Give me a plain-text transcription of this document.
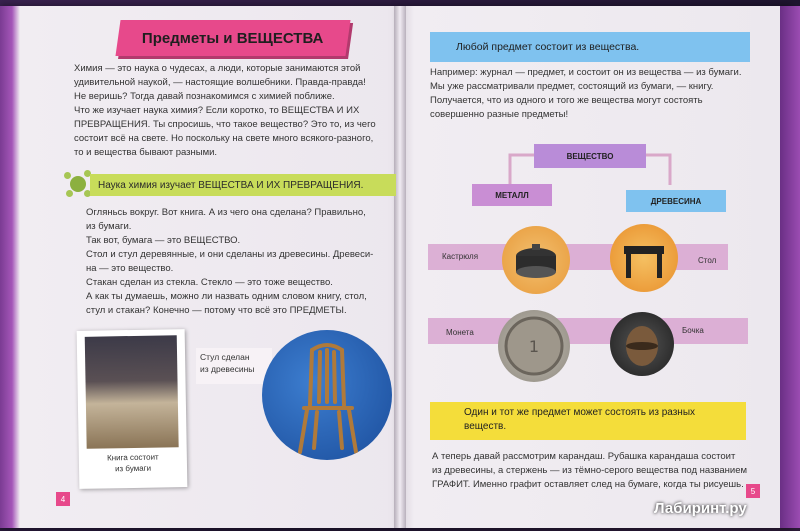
Предметы и ВЕЩЕСТВА
Химия — это наука о чудесах, а люди, которые занимаются этой
удивительной наукой, — настоящие волшебники. Правда-правда!
Не веришь? Тогда давай познакомимся с химией поближе.
Что же изучает наука химия? Если коротко, то ВЕЩЕСТВА И ИХ
ПРЕВРАЩЕНИЯ. Ты спросишь, что такое вещество? Это то, из чего
состоит всё на свете. Но поскольку на свете много всякого-разного,
то и вещества бывают разными.
Наука химия изучает ВЕЩЕСТВА И ИХ ПРЕВРАЩЕНИЯ.
Огляньсь вокруг. Вот книга. А из чего она сделана? Правильно,
из бумаги.
Так вот, бумага — это ВЕЩЕСТВО.
Стол и стул деревянные, и они сделаны из древесины. Древеси-
на — это вещество.
Стакан сделан из стекла. Стекло — это тоже вещество.
А как ты думаешь, можно ли назвать одним словом книгу, стол,
стул и стакан? Конечно — потому что всё это ПРЕДМЕТЫ.
Книга состоит
из бумаги
Стул сделан
из древесины
4
Любой предмет состоит из вещества.
Например: журнал — предмет, и состоит он из вещества — из бумаги.
Мы уже рассматривали предмет, состоящий из бумаги, — книгу.
Получается, что из одного и того же вещества могут состоять
совершенно разные предметы!
ВЕЩЕСТВО
МЕТАЛЛ
ДРЕВЕСИНА
Кастрюля	Стол
Монета	Бочка
1
Один и тот же предмет может состоять из разных
веществ.
А теперь давай рассмотрим карандаш. Рубашка карандаша состоит
из древесины, а стержень — из тёмно-серого вещества под названием
ГРАФИТ. Именно графит оставляет след на бумаге, когда ты рисуешь.
5
Лабиринт.ру
